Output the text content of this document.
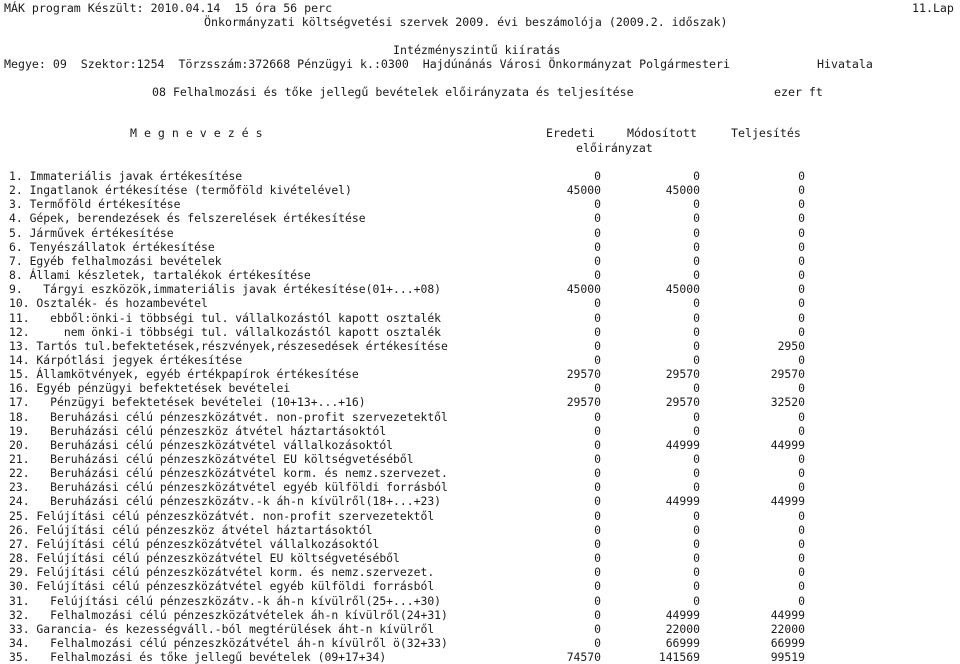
MÁK program Készült: 2010.04.14  15 óra 56 perc	11.Lap
Önkormányzati költségvetési szervek 2009. évi beszámolója (2009.2. időszak)
Intézményszintű kiíratás
Megye: 09  Szektor:1254  Törzsszám:372668 Pénzügyi k.:0300  Hajdúnánás Városi Önkormányzat Polgármesteri	Hivatala
08 Felhalmozási és tőke jellegű bevételek előirányzata és teljesítése	ezer ft
M e g n e v e z é s	Eredeti	Módosított	Teljesítés
előirányzat
1. Immateriális javak értékesítése	0	0	0
2. Ingatlanok értékesítése (termőföld kivételével)	45000	45000	0
3. Termőföld értékesítése	0	0	0
4. Gépek, berendezések és felszerelések értékesítése	0	0	0
5. Járművek értékesítése	0	0	0
6. Tenyészállatok értékesítése	0	0	0
7. Egyéb felhalmozási bevételek	0	0	0
8. Állami készletek, tartalékok értékesítése	0	0	0
9.   Tárgyi eszközök,immateriális javak értékesítése(01+...+08)	45000	45000	0
10. Osztalék- és hozambevétel	0	0	0
11.   ebből:önki-i többségi tul. vállalkozástól kapott osztalék	0	0	0
12.     nem önki-i többségi tul. vállalkozástól kapott osztalék	0	0	0
13. Tartós tul.befektetések,részvények,részesedések értékesítése	0	0	2950
14. Kárpótlási jegyek értékesítése	0	0	0
15. Államkötvények, egyéb értékpapírok értékesítése	29570	29570	29570
16. Egyéb pénzügyi befektetések bevételei	0	0	0
17.   Pénzügyi befektetések bevételei (10+13+...+16)	29570	29570	32520
18.   Beruházási célú pénzeszközátvét. non-profit szervezetektől	0	0	0
19.   Beruházási célú pénzeszköz átvétel háztartásoktól	0	0	0
20.   Beruházási célú pénzeszközátvétel vállalkozásoktól	0	44999	44999
21.   Beruházási célú pénzeszközátvétel EU költségvetéséből	0	0	0
22.   Beruházási célú pénzeszközátvétel korm. és nemz.szervezet.	0	0	0
23.   Beruházási célú pénzeszközátvétel egyéb külföldi forrásból	0	0	0
24.   Beruházási célú pénzeszközátv.-k áh-n kívülről(18+...+23)	0	44999	44999
25. Felújítási célú pénzeszközátvét. non-profit szervezetektől	0	0	0
26. Felújítási célú pénzeszköz átvétel háztartásoktól	0	0	0
27. Felújítási célú pénzeszközátvétel vállalkozásoktól	0	0	0
28. Felújítási célú pénzeszközátvétel EU költségvetéséből	0	0	0
29. Felújítási célú pénzeszközátvétel korm. és nemz.szervezet.	0	0	0
30. Felújítási célú pénzeszközátvétel egyéb külföldi forrásból	0	0	0
31.   Felújítási célú pénzeszközátv.-k áh-n kívülről(25+...+30)	0	0	0
32.   Felhalmozási célú pénzeszközátvételek áh-n kívülről(24+31)	0	44999	44999
33. Garancia- és kezességváll.-ból megtérülések áht-n kívülről	0	22000	22000
34.   Felhalmozási célú pénzeszközátvétel áh-n kívülről ö(32+33)	0	66999	66999
35.   Felhalmozási és tőke jellegű bevételek (09+17+34)	74570	141569	99519
